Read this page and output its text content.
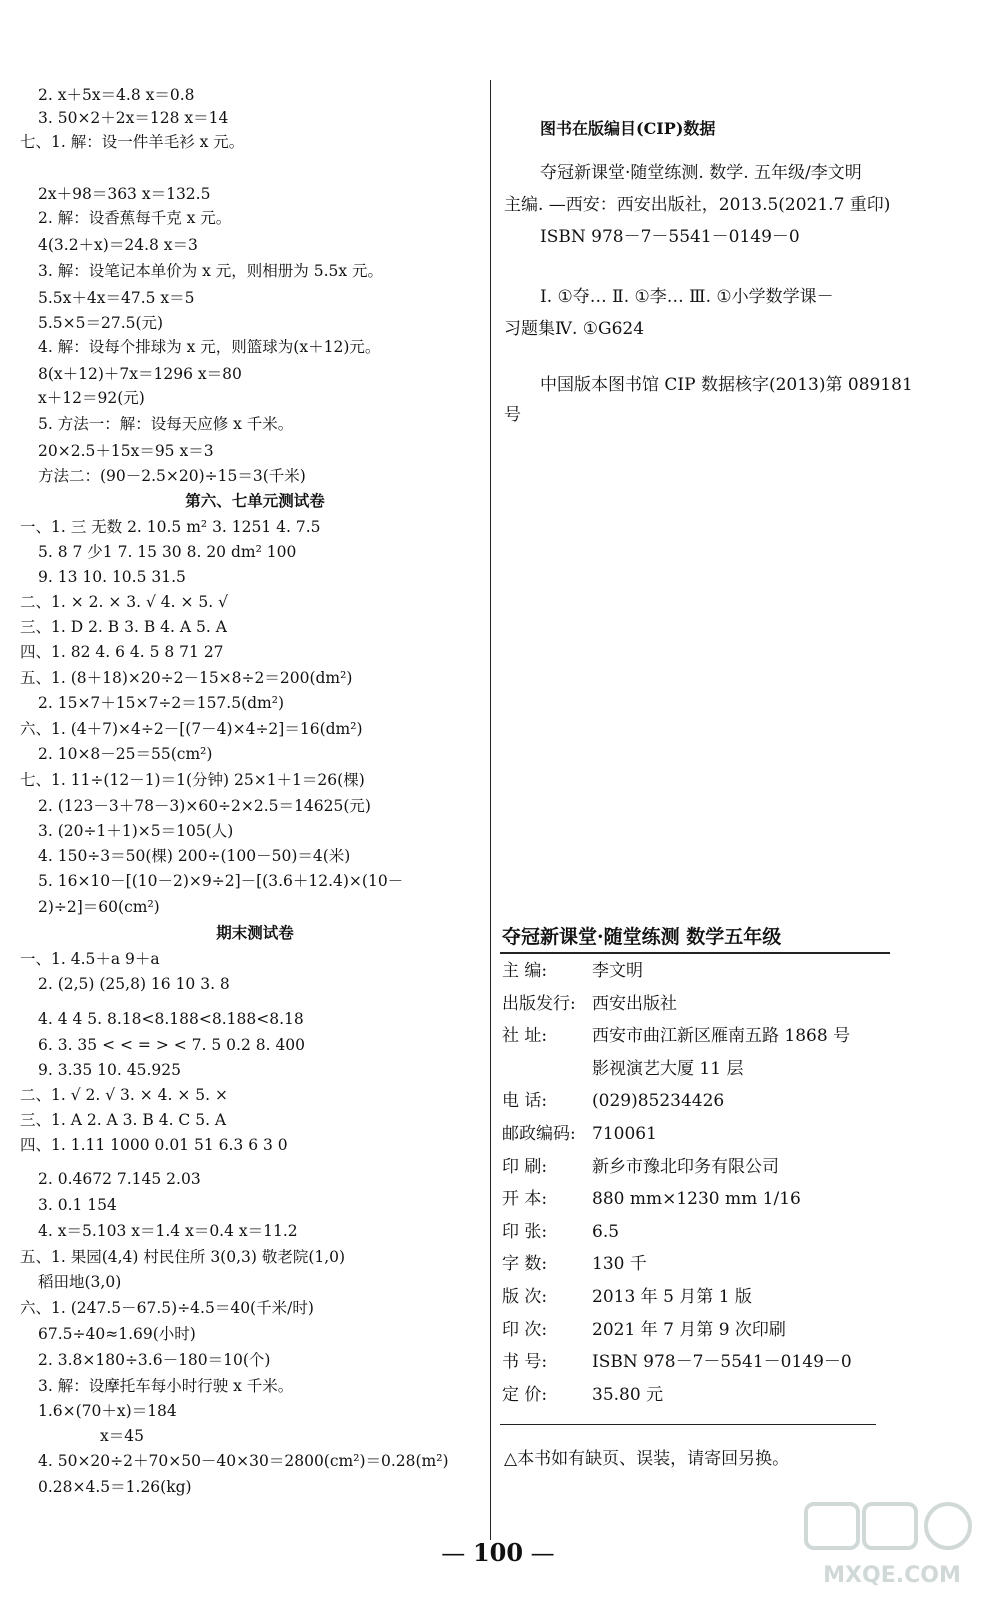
2. x＋5x＝4.8 x＝0.8
3. 50×2＋2x＝128 x＝14
七、1. 解：设一件羊毛衫 x 元。
2x＋98＝363 x＝132.5
2. 解：设香蕉每千克 x 元。
4(3.2＋x)＝24.8 x＝3
3. 解：设笔记本单价为 x 元，则相册为 5.5x 元。
5.5x＋4x＝47.5 x＝5
5.5×5＝27.5(元)
4. 解：设每个排球为 x 元，则篮球为(x＋12)元。
8(x＋12)＋7x＝1296 x＝80
x＋12＝92(元)
5. 方法一：解：设每天应修 x 千米。
20×2.5＋15x＝95 x＝3
方法二：(90－2.5×20)÷15＝3(千米)
一、1. 三 无数 2. 10.5 m² 3. 1251 4. 7.5
5. 8 7 少1 7. 15 30 8. 20 dm² 100
9. 13 10. 10.5 31.5
二、1. × 2. × 3. √ 4. × 5. √
三、1. D 2. B 3. B 4. A 5. A
四、1. 82 4. 6 4. 5 8 71 27
五、1. (8＋18)×20÷2－15×8÷2＝200(dm²)
2. 15×7＋15×7÷2＝157.5(dm²)
六、1. (4＋7)×4÷2－[(7－4)×4÷2]＝16(dm²)
2. 10×8－25＝55(cm²)
七、1. 11÷(12－1)＝1(分钟) 25×1＋1＝26(棵)
2. (123－3＋78－3)×60÷2×2.5＝14625(元)
3. (20÷1＋1)×5＝105(人)
4. 150÷3＝50(棵) 200÷(100－50)＝4(米)
5. 16×10－[(10－2)×9÷2]－[(3.6＋12.4)×(10－
2)÷2]＝60(cm²)
一、1. 4.5＋a 9＋a
2. (2,5) (25,8) 16 10 3. 8
4. 4 4 5. 8.18<8.188<8.188<8.18
6. 3. 35 < < = > < 7. 5 0.2 8. 400
9. 3.35 10. 45.925
二、1. √ 2. √ 3. × 4. × 5. ×
三、1. A 2. A 3. B 4. C 5. A
四、1. 1.11 1000 0.01 51 6.3 6 3 0
2. 0.4672 7.145 2.03
3. 0.1 154
4. x＝5.103 x＝1.4 x＝0.4 x＝11.2
五、1. 果园(4,4) 村民住所 3(0,3) 敬老院(1,0)
稻田地(3,0)
六、1. (247.5－67.5)÷4.5＝40(千米/时)
67.5÷40≈1.69(小时)
2. 3.8×180÷3.6－180＝10(个)
3. 解：设摩托车每小时行驶 x 千米。
1.6×(70＋x)＝184
x＝45
4. 50×20÷2＋70×50－40×30＝2800(cm²)＝0.28(m²)
0.28×4.5＝1.26(kg)
第六、七单元测试卷
期末测试卷
图书在版编目(CIP)数据
夺冠新课堂·随堂练测. 数学. 五年级/李文明
主编. —西安：西安出版社，2013.5(2021.7 重印)
ISBN 978－7－5541－0149－0
Ⅰ. ①夺… Ⅱ. ①李… Ⅲ. ①小学数学课－
习题集Ⅳ. ①G624
中国版本图书馆 CIP 数据核字(2013)第 089181
号
夺冠新课堂·随堂练测 数学五年级
主 编:	李文明
出版发行: 西安出版社
社 址:	西安市曲江新区雁南五路 1868 号
影视演艺大厦 11 层
电 话:	(029)85234426
邮政编码: 710061
印 刷:	新乡市豫北印务有限公司
开 本:	880 mm×1230 mm 1/16
印 张:	6.5
字 数:	130 千
版 次:	2013 年 5 月第 1 版
印 次:	2021 年 7 月第 9 次印刷
书 号:	ISBN 978－7－5541－0149－0
定 价:	35.80 元
△本书如有缺页、误装，请寄回另换。
— 100 —
MXQE.COM
